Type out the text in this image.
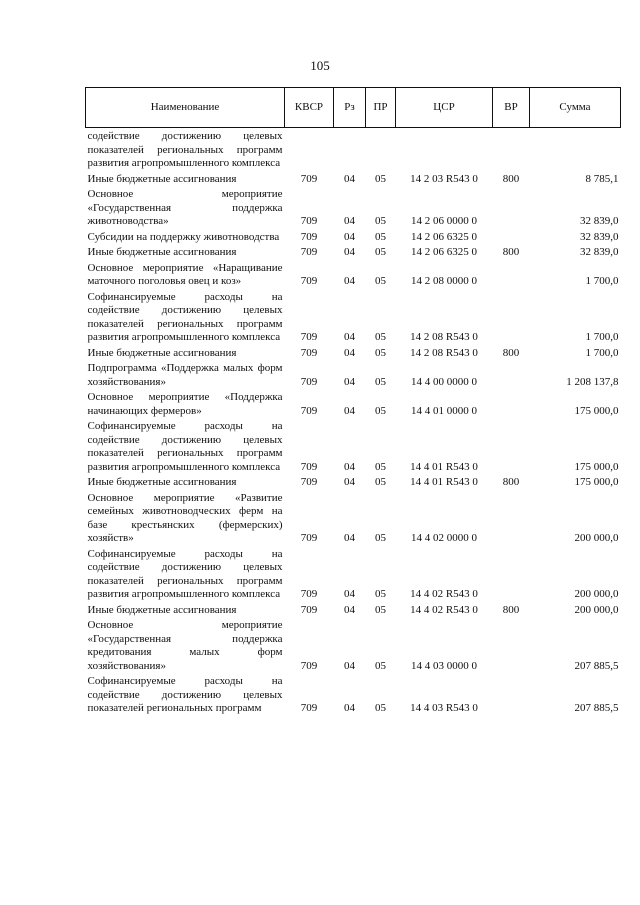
105
Наименование	КВСР	Рз	ПР	ЦСР	ВР	Сумма
содействие достижению целевых показателей региональных программ развития агропромышленного комплекса						
Иные бюджетные ассигнования	709	04	05	14 2 03 R543 0	800	8 785,1
Основное мероприятие «Государственная поддержка животноводства»	709	04	05	14 2 06 0000 0		32 839,0
Субсидии на поддержку животноводства	709	04	05	14 2 06 6325 0		32 839,0
Иные бюджетные ассигнования	709	04	05	14 2 06 6325 0	800	32 839,0
Основное мероприятие «Наращивание маточного поголовья овец и коз»	709	04	05	14 2 08 0000 0		1 700,0
Софинансируемые расходы на содействие достижению целевых показателей региональных программ развития агропромышленного комплекса	709	04	05	14 2 08 R543 0		1 700,0
Иные бюджетные ассигнования	709	04	05	14 2 08 R543 0	800	1 700,0
Подпрограмма «Поддержка малых форм хозяйствования»	709	04	05	14 4 00 0000 0		1 208 137,8
Основное мероприятие «Поддержка начинающих фермеров»	709	04	05	14 4 01 0000 0		175 000,0
Софинансируемые расходы на содействие достижению целевых показателей региональных программ развития агропромышленного комплекса	709	04	05	14 4 01 R543 0		175 000,0
Иные бюджетные ассигнования	709	04	05	14 4 01 R543 0	800	175 000,0
Основное мероприятие «Развитие семейных животноводческих ферм на базе крестьянских (фермерских) хозяйств»	709	04	05	14 4 02 0000 0		200 000,0
Софинансируемые расходы на содействие достижению целевых показателей региональных программ развития агропромышленного комплекса	709	04	05	14 4 02 R543 0		200 000,0
Иные бюджетные ассигнования	709	04	05	14 4 02 R543 0	800	200 000,0
Основное мероприятие «Государственная поддержка кредитования малых форм хозяйствования»	709	04	05	14 4 03 0000 0		207 885,5
Софинансируемые расходы на содействие достижению целевых показателей региональных программ	709	04	05	14 4 03 R543 0		207 885,5
